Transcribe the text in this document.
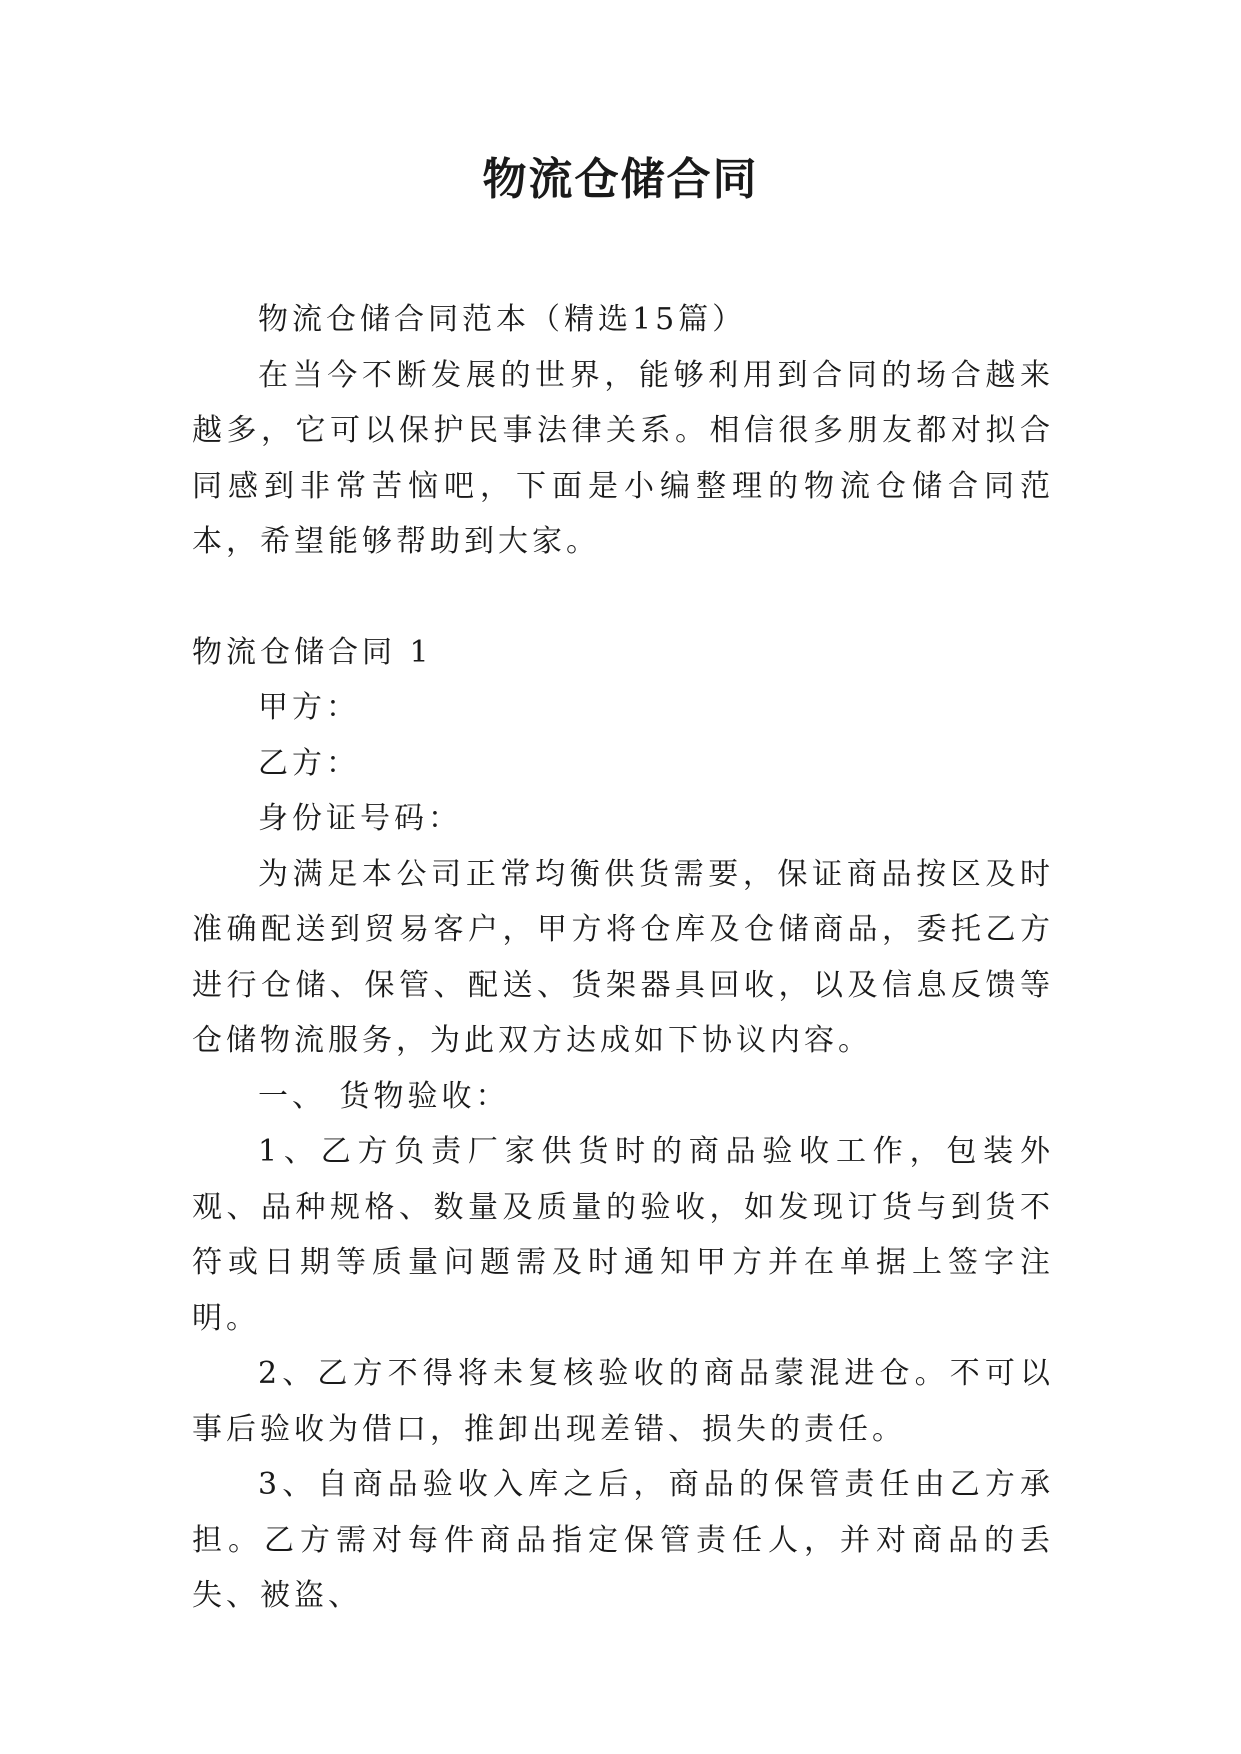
物流仓储合同

物流仓储合同范本（精选15篇）

在当今不断发展的世界，能够利用到合同的场合越来越多，它可以保护民事法律关系。相信很多朋友都对拟合同感到非常苦恼吧，下面是小编整理的物流仓储合同范本，希望能够帮助到大家。

物流仓储合同 1

甲方：

乙方：

身份证号码：

为满足本公司正常均衡供货需要，保证商品按区及时准确配送到贸易客户，甲方将仓库及仓储商品，委托乙方进行仓储、保管、配送、货架器具回收，以及信息反馈等仓储物流服务，为此双方达成如下协议内容。

一、 货物验收：

1、乙方负责厂家供货时的商品验收工作，包装外观、品种规格、数量及质量的验收，如发现订货与到货不符或日期等质量问题需及时通知甲方并在单据上签字注明。

2、乙方不得将未复核验收的商品蒙混进仓。不可以事后验收为借口，推卸出现差错、损失的责任。

3、自商品验收入库之后，商品的保管责任由乙方承担。乙方需对每件商品指定保管责任人，并对商品的丢失、被盗、
